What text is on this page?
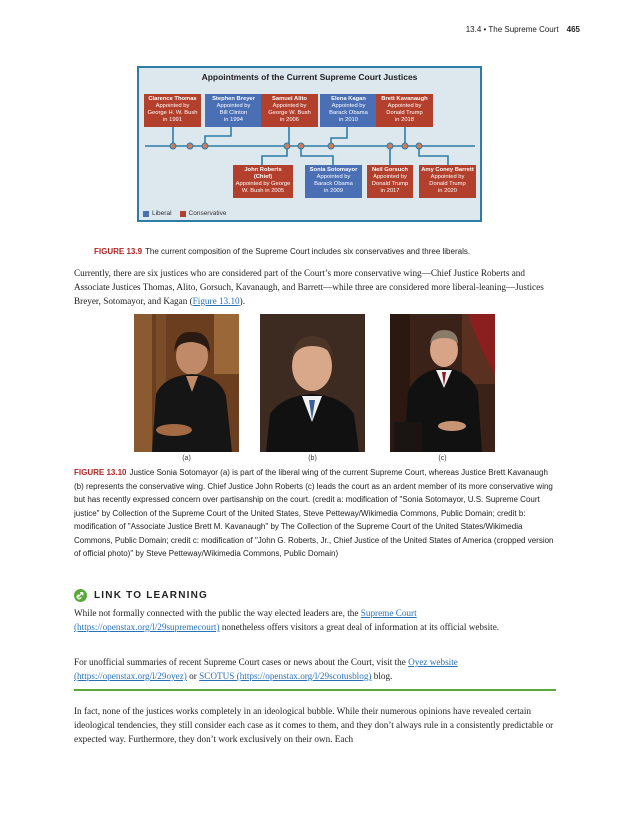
13.4 • The Supreme Court 465
Appointments of the Current Supreme Court Justices
Clarence Thomas
Appointed by
George H. W. Bush
in 1991
Stephen Breyer
Appointed by
Bill Clinton
in 1994
Samuel Alito
Appointed by
George W. Bush
in 2006
Elena Kagan
Appointed by
Barack Obama
in 2010
Brett Kavanaugh
Appointed by
Donald Trump
in 2018
John Roberts
(Chief)
Appointed by George
W. Bush in 2005
Sonia Sotomayor
Appointed by
Barack Obama
in 2009
Neil Gorsuch
Appointed by
Donald Trump
in 2017
Amy Coney Barrett
Appointed by
Donald Trump
in 2020
Liberal	Conservative
FIGURE 13.9 The current composition of the Supreme Court includes six conservatives and three liberals.
Currently, there are six justices who are considered part of the Court’s more conservative wing—Chief Justice Roberts and Associate Justices Thomas, Alito, Gorsuch, Kavanaugh, and Barrett—while three are considered more liberal-leaning—Justices Breyer, Sotomayor, and Kagan (Figure 13.10).
(a)	(b)	(c)
FIGURE 13.10 Justice Sonia Sotomayor (a) is part of the liberal wing of the current Supreme Court, whereas Justice Brett Kavanaugh (b) represents the conservative wing. Chief Justice John Roberts (c) leads the court as an ardent member of its more conservative wing but has recently expressed concern over partisanship on the court. (credit a: modification of "Sonia Sotomayor, U.S. Supreme Court justice" by Collection of the Supreme Court of the United States, Steve Petteway/Wikimedia Commons, Public Domain; credit b: modification of "Associate Justice Brett M. Kavanaugh" by The Collection of the Supreme Court of the United States/Wikimedia Commons, Public Domain; credit c: modification of "John G. Roberts, Jr., Chief Justice of the United States of America (cropped version of official photo)" by Steve Petteway/Wikimedia Commons, Public Domain)
LINK TO LEARNING
While not formally connected with the public the way elected leaders are, the Supreme Court (https://openstax.org/l/29supremecourt) nonetheless offers visitors a great deal of information at its official website.
For unofficial summaries of recent Supreme Court cases or news about the Court, visit the Oyez website (https://openstax.org/l/29oyez) or SCOTUS (https://openstax.org/l/29scotusblog) blog.
In fact, none of the justices works completely in an ideological bubble. While their numerous opinions have revealed certain ideological tendencies, they still consider each case as it comes to them, and they don’t always rule in a consistently predictable or expected way. Furthermore, they don’t work exclusively on their own. Each
